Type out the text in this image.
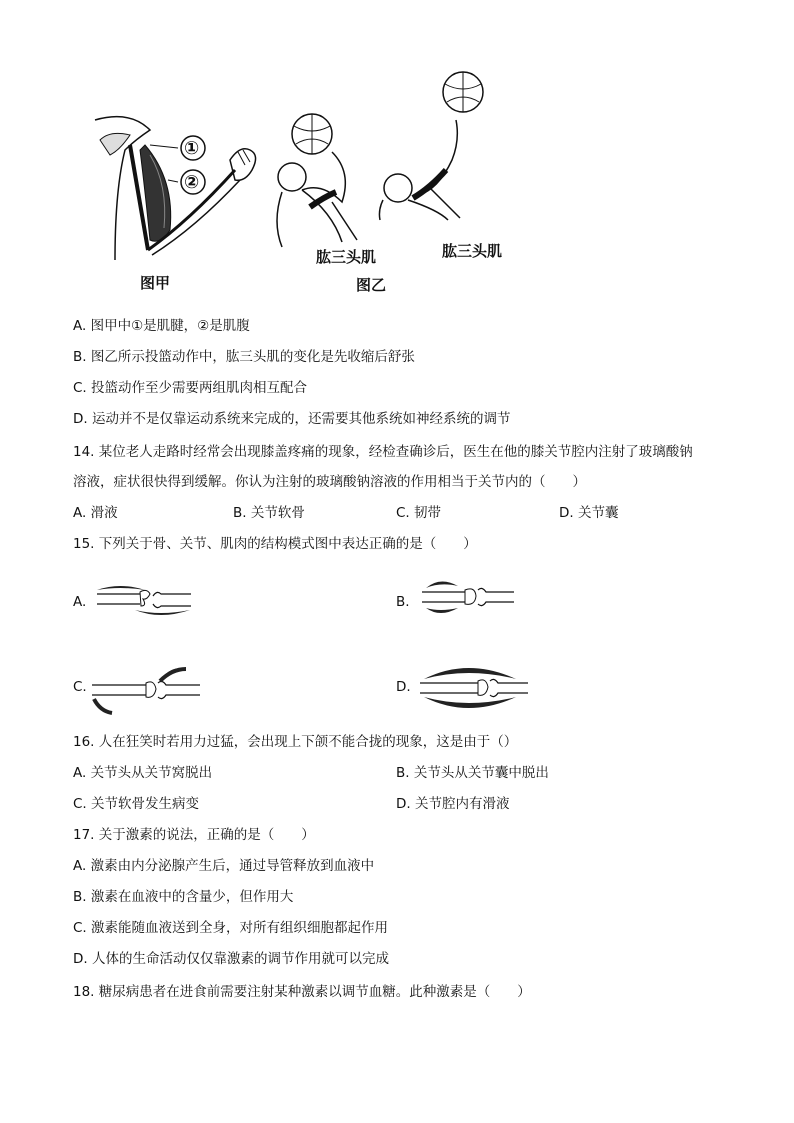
①
②
肱三头肌	肱三头肌
图甲	图乙
A. 图甲中①是肌腱，②是肌腹
B. 图乙所示投篮动作中，肱三头肌的变化是先收缩后舒张
C. 投篮动作至少需要两组肌肉相互配合
D. 运动并不是仅靠运动系统来完成的，还需要其他系统如神经系统的调节
14. 某位老人走路时经常会出现膝盖疼痛的现象，经检查确诊后，医生在他的膝关节腔内注射了玻璃酸钠
溶液，症状很快得到缓解。你认为注射的玻璃酸钠溶液的作用相当于关节内的（　　）
A. 滑液	B. 关节软骨	C. 韧带	D. 关节囊
15. 下列关于骨、关节、肌肉的结构模式图中表达正确的是（　　）
A.	B.
C.	D.
16. 人在狂笑时若用力过猛，会出现上下颌不能合拢的现象，这是由于（）
A. 关节头从关节窝脱出	B. 关节头从关节囊中脱出
C. 关节软骨发生病变	D. 关节腔内有滑液
17. 关于激素的说法，正确的是（　　）
A. 激素由内分泌腺产生后，通过导管释放到血液中
B. 激素在血液中的含量少，但作用大
C. 激素能随血液送到全身，对所有组织细胞都起作用
D. 人体的生命活动仅仅靠激素的调节作用就可以完成
18. 糖尿病患者在进食前需要注射某种激素以调节血糖。此种激素是（　　）
